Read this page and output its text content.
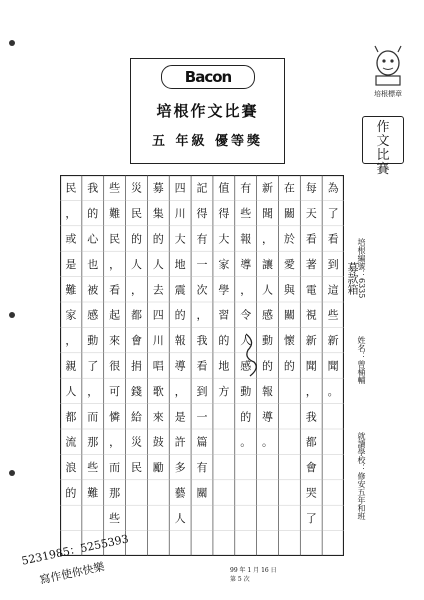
Bacon
培根作文比賽
五 年級 優等獎
培根標章
作
文
比
賽
為
了
看
到
這
些
新
聞
。
每
天
看
著
電
視
新
聞
，
我
都
會
哭
了
在
關
於
愛
與
關
懷
的
新
聞
，
讓
人
感
動
的
報
導
。
有
些
報
導
，
令
人
感
動
的
。
值
得
大
家
學
習
的
地
方
記
得
有
一
次
，
我
看
到
一
篇
有
關
四
川
大
地
震
的
報
導
，
是
許
多
藝
人
募
集
的
人
去
四
川
唱
歌
來
鼓
勵
災
民
的
人
，
都
會
捐
錢
給
災
民
些
難
民
，
看
起
來
很
可
憐
，
而
那
些
我
的
心
也
被
感
動
了
，
而
那
些
難
民
，
或
是
難
家
，
親
人
都
流
浪
的
募款箱
培根編號：6335
姓名：曾桶輔
就讀學校：修安五年和班
99 年 1 月 16 日
第 5 次
5231985：5255393
寫作使你快樂
